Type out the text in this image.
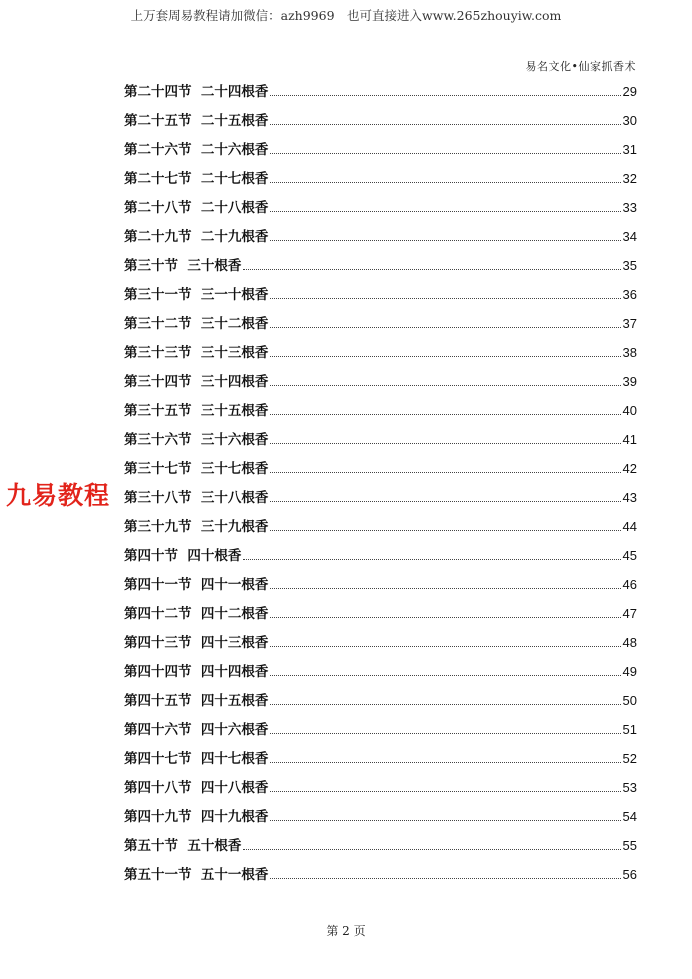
上万套周易教程请加微信：azh9969　也可直接进入www.265zhouyiw.com
易名文化•仙家抓香术
第二十四节  二十四根香	29
第二十五节  二十五根香	30
第二十六节  二十六根香	31
第二十七节  二十七根香	32
第二十八节  二十八根香	33
第二十九节  二十九根香	34
第三十节  三十根香	35
第三十一节  三一十根香	36
第三十二节  三十二根香	37
第三十三节  三十三根香	38
第三十四节  三十四根香	39
第三十五节  三十五根香	40
第三十六节  三十六根香	41
第三十七节  三十七根香	42
第三十八节  三十八根香	43
第三十九节  三十九根香	44
第四十节  四十根香	45
第四十一节  四十一根香	46
第四十二节  四十二根香	47
第四十三节  四十三根香	48
第四十四节  四十四根香	49
第四十五节  四十五根香	50
第四十六节  四十六根香	51
第四十七节  四十七根香	52
第四十八节  四十八根香	53
第四十九节  四十九根香	54
第五十节  五十根香	55
第五十一节  五十一根香	56
九易教程
第 2 页
